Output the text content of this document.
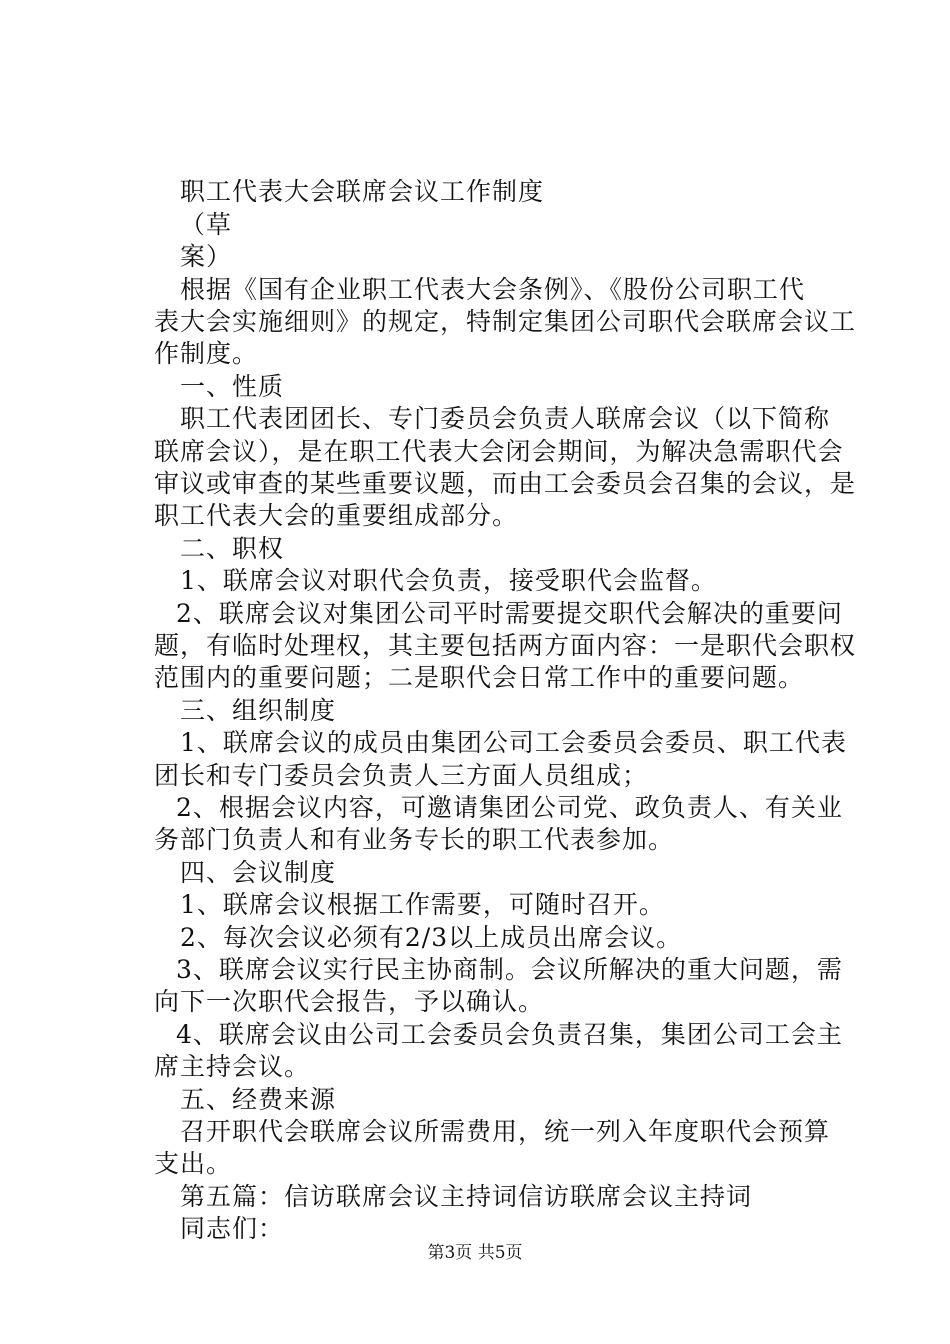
职工代表大会联席会议工作制度
（草
案）
根据《国有企业职工代表大会条例》、《股份公司职工代
表大会实施细则》的规定，特制定集团公司职代会联席会议工
作制度。
一、性质
职工代表团团长、专门委员会负责人联席会议（以下简称
联席会议），是在职工代表大会闭会期间，为解决急需职代会
审议或审查的某些重要议题，而由工会委员会召集的会议，是
职工代表大会的重要组成部分。
二、职权
1、联席会议对职代会负责，接受职代会监督。
2、联席会议对集团公司平时需要提交职代会解决的重要问
题，有临时处理权，其主要包括两方面内容：一是职代会职权
范围内的重要问题；二是职代会日常工作中的重要问题。
三、组织制度
1、联席会议的成员由集团公司工会委员会委员、职工代表
团长和专门委员会负责人三方面人员组成；
2、根据会议内容，可邀请集团公司党、政负责人、有关业
务部门负责人和有业务专长的职工代表参加。
四、会议制度
1、联席会议根据工作需要，可随时召开。
2、每次会议必须有2/3以上成员出席会议。
3、联席会议实行民主协商制。会议所解决的重大问题，需
向下一次职代会报告，予以确认。
4、联席会议由公司工会委员会负责召集，集团公司工会主
席主持会议。
五、经费来源
召开职代会联席会议所需费用，统一列入年度职代会预算
支出。
第五篇：信访联席会议主持词信访联席会议主持词
同志们：
第3页 共5页
